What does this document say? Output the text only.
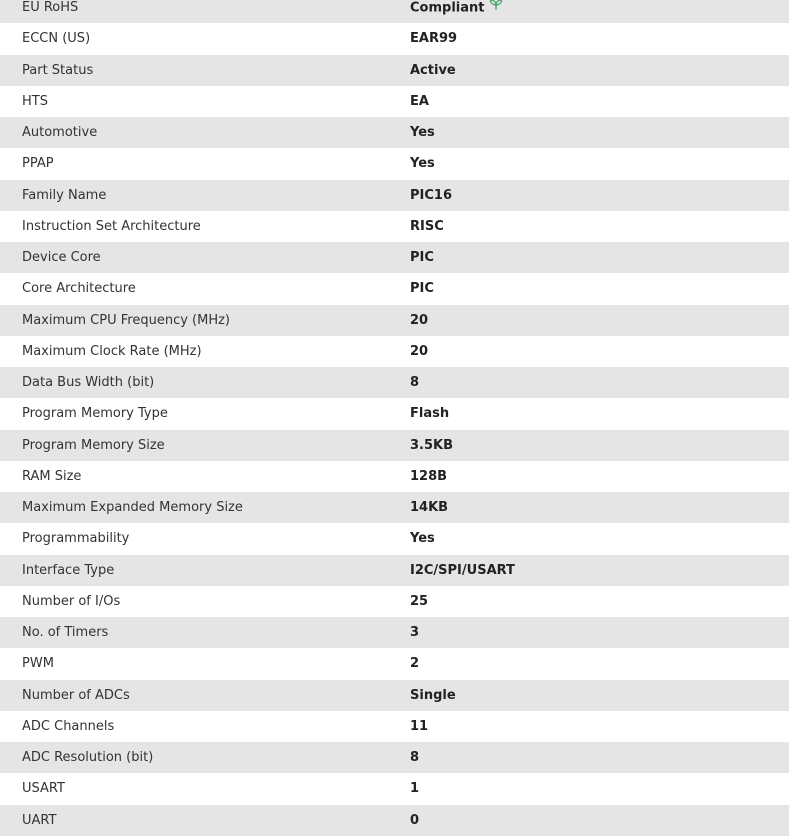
EU RoHS	Compliant
ECCN (US)	EAR99
Part Status	Active
HTS	EA
Automotive	Yes
PPAP	Yes
Family Name	PIC16
Instruction Set Architecture	RISC
Device Core	PIC
Core Architecture	PIC
Maximum CPU Frequency (MHz)	20
Maximum Clock Rate (MHz)	20
Data Bus Width (bit)	8
Program Memory Type	Flash
Program Memory Size	3.5KB
RAM Size	128B
Maximum Expanded Memory Size	14KB
Programmability	Yes
Interface Type	I2C/SPI/USART
Number of I/Os	25
No. of Timers	3
PWM	2
Number of ADCs	Single
ADC Channels	11
ADC Resolution (bit)	8
USART	1
UART	0
